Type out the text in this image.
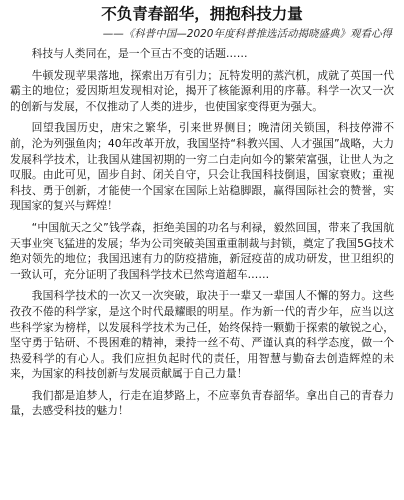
不负青春韶华，拥抱科技力量
——《科普中国—2020年度科普推选活动揭晓盛典》观看心得

科技与人类同在，是一个亘古不变的话题……

牛顿发现苹果落地，探索出万有引力；瓦特发明的蒸汽机，成就了英国一代霸主的地位；爱因斯坦发现相对论，揭开了核能源利用的序幕。科学一次又一次的创新与发展，不仅推动了人类的进步，也使国家变得更为强大。

回望我国历史，唐宋之繁华，引来世界侧目；晚清闭关锁国，科技停滞不前，沦为列强鱼肉；40年改革开放，我国坚持“科教兴国、人才强国”战略，大力发展科学技术，让我国从建国初期的一穷二白走向如今的繁荣富强，让世人为之叹服。由此可见，固步自封、闭关自守，只会让我国科技倒退，国家衰败；重视科技、勇于创新，才能使一个国家在国际上站稳脚跟，赢得国际社会的赞誉，实现国家的复兴与辉煌！

“中国航天之父”钱学森，拒绝美国的功名与利禄，毅然回国，带来了我国航天事业突飞猛进的发展；华为公司突破美国重重制裁与封锁，奠定了我国5G技术绝对领先的地位；我国迅速有力的防疫措施，新冠疫苗的成功研发，世卫组织的一致认可，充分证明了我国科学技术已然弯道超车……

我国科学技术的一次又一次突破，取决于一辈又一辈国人不懈的努力。这些孜孜不倦的科学家，是这个时代最耀眼的明星。作为新一代的青少年，应当以这些科学家为榜样，以发展科学技术为己任，始终保持一颗勤于探索的敏锐之心，坚守勇于钻研、不畏困难的精神，秉持一丝不苟、严谨认真的科学态度，做一个热爱科学的有心人。我们应担负起时代的责任，用智慧与勤奋去创造辉煌的未来，为国家的科技创新与发展贡献属于自己力量！

我们都是追梦人，行走在追梦路上，不应辜负青春韶华。拿出自己的青春力量，去感受科技的魅力！
